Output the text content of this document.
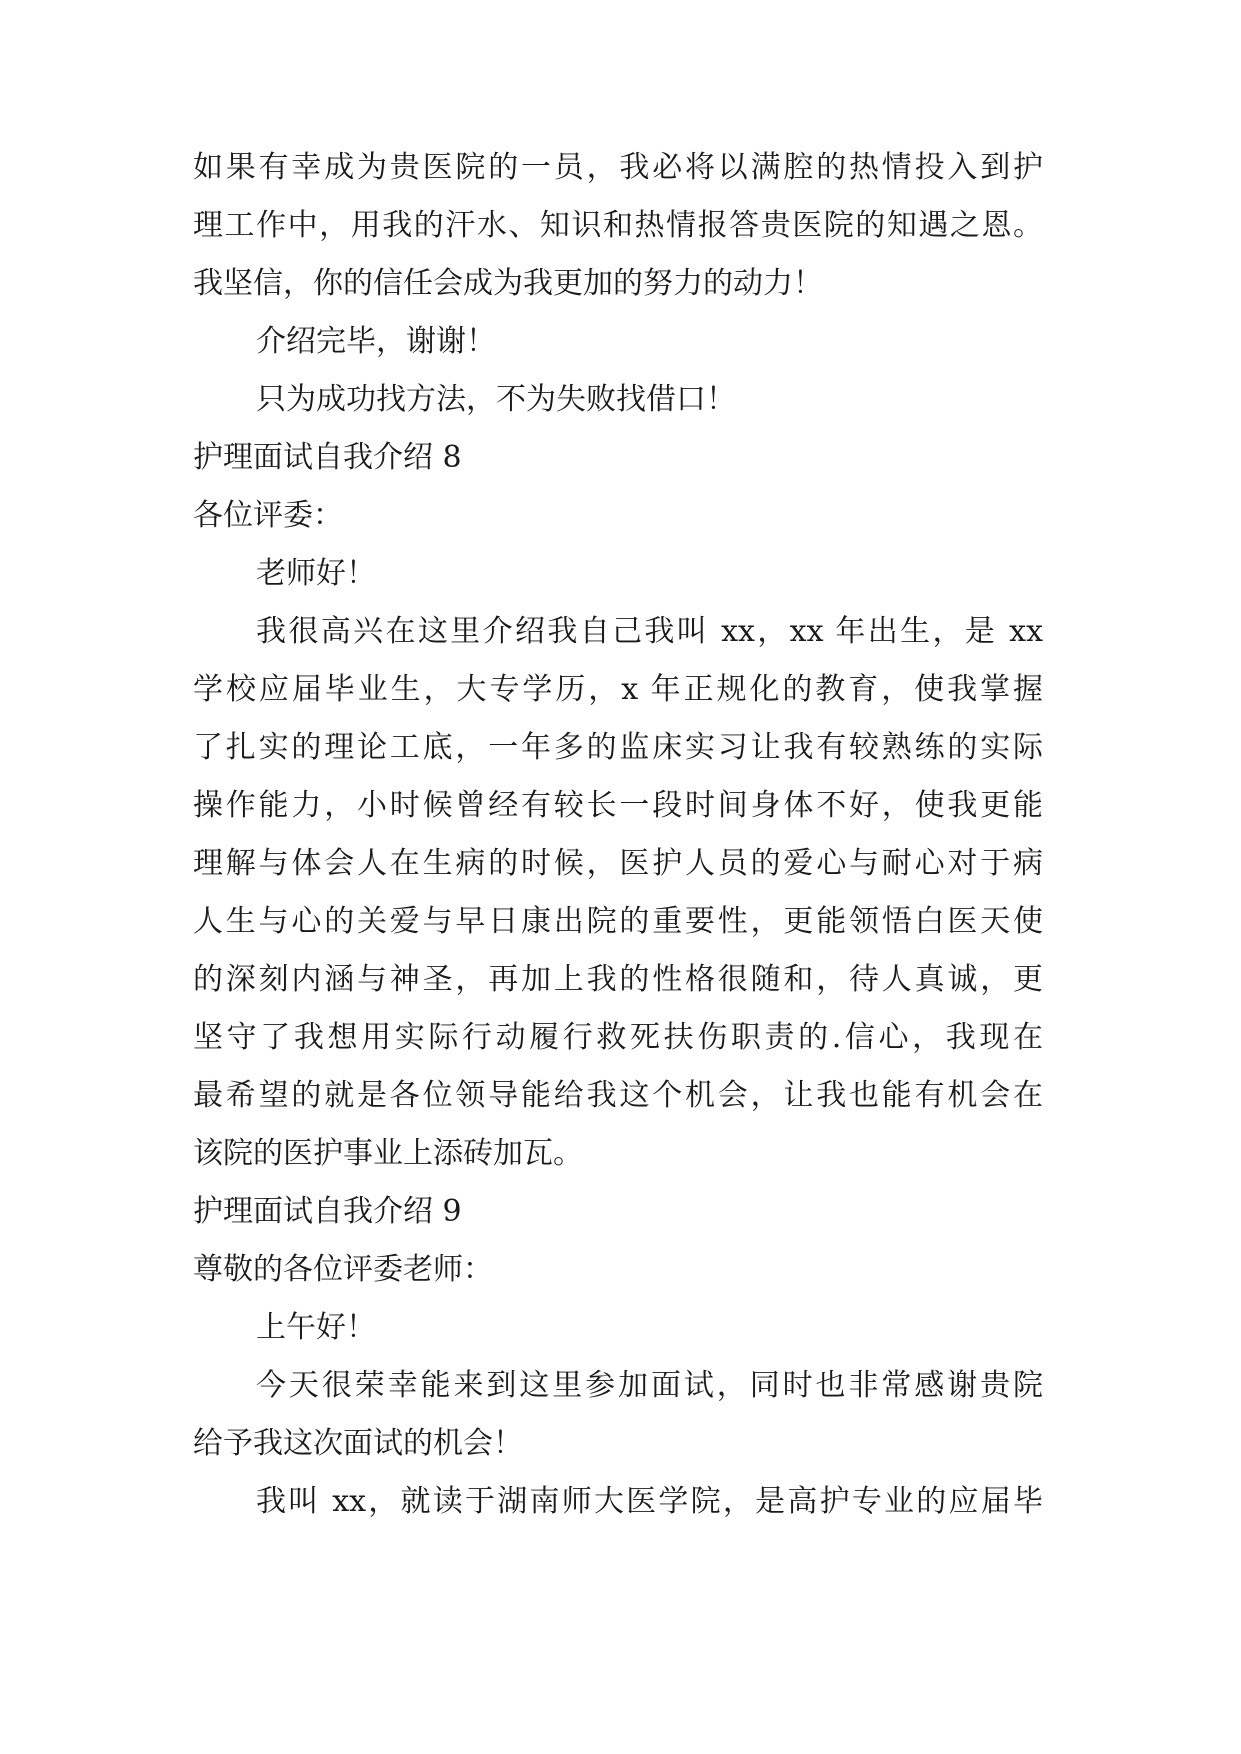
如果有幸成为贵医院的一员，我必将以满腔的热情投入到护
理工作中，用我的汗水、知识和热情报答贵医院的知遇之恩。
我坚信，你的信任会成为我更加的努力的动力！
介绍完毕，谢谢！
只为成功找方法，不为失败找借口！
护理面试自我介绍 8
各位评委：
老师好！
我很高兴在这里介绍我自己我叫 xx，xx 年出生，是 xx
学校应届毕业生，大专学历，x 年正规化的教育，使我掌握
了扎实的理论工底，一年多的监床实习让我有较熟练的实际
操作能力，小时候曾经有较长一段时间身体不好，使我更能
理解与体会人在生病的时候，医护人员的爱心与耐心对于病
人生与心的关爱与早日康出院的重要性，更能领悟白医天使
的深刻内涵与神圣，再加上我的性格很随和，待人真诚，更
坚守了我想用实际行动履行救死扶伤职责的.信心，我现在
最希望的就是各位领导能给我这个机会，让我也能有机会在
该院的医护事业上添砖加瓦。
护理面试自我介绍 9
尊敬的各位评委老师：
上午好！
今天很荣幸能来到这里参加面试，同时也非常感谢贵院
给予我这次面试的机会！
我叫 xx，就读于湖南师大医学院，是高护专业的应届毕
